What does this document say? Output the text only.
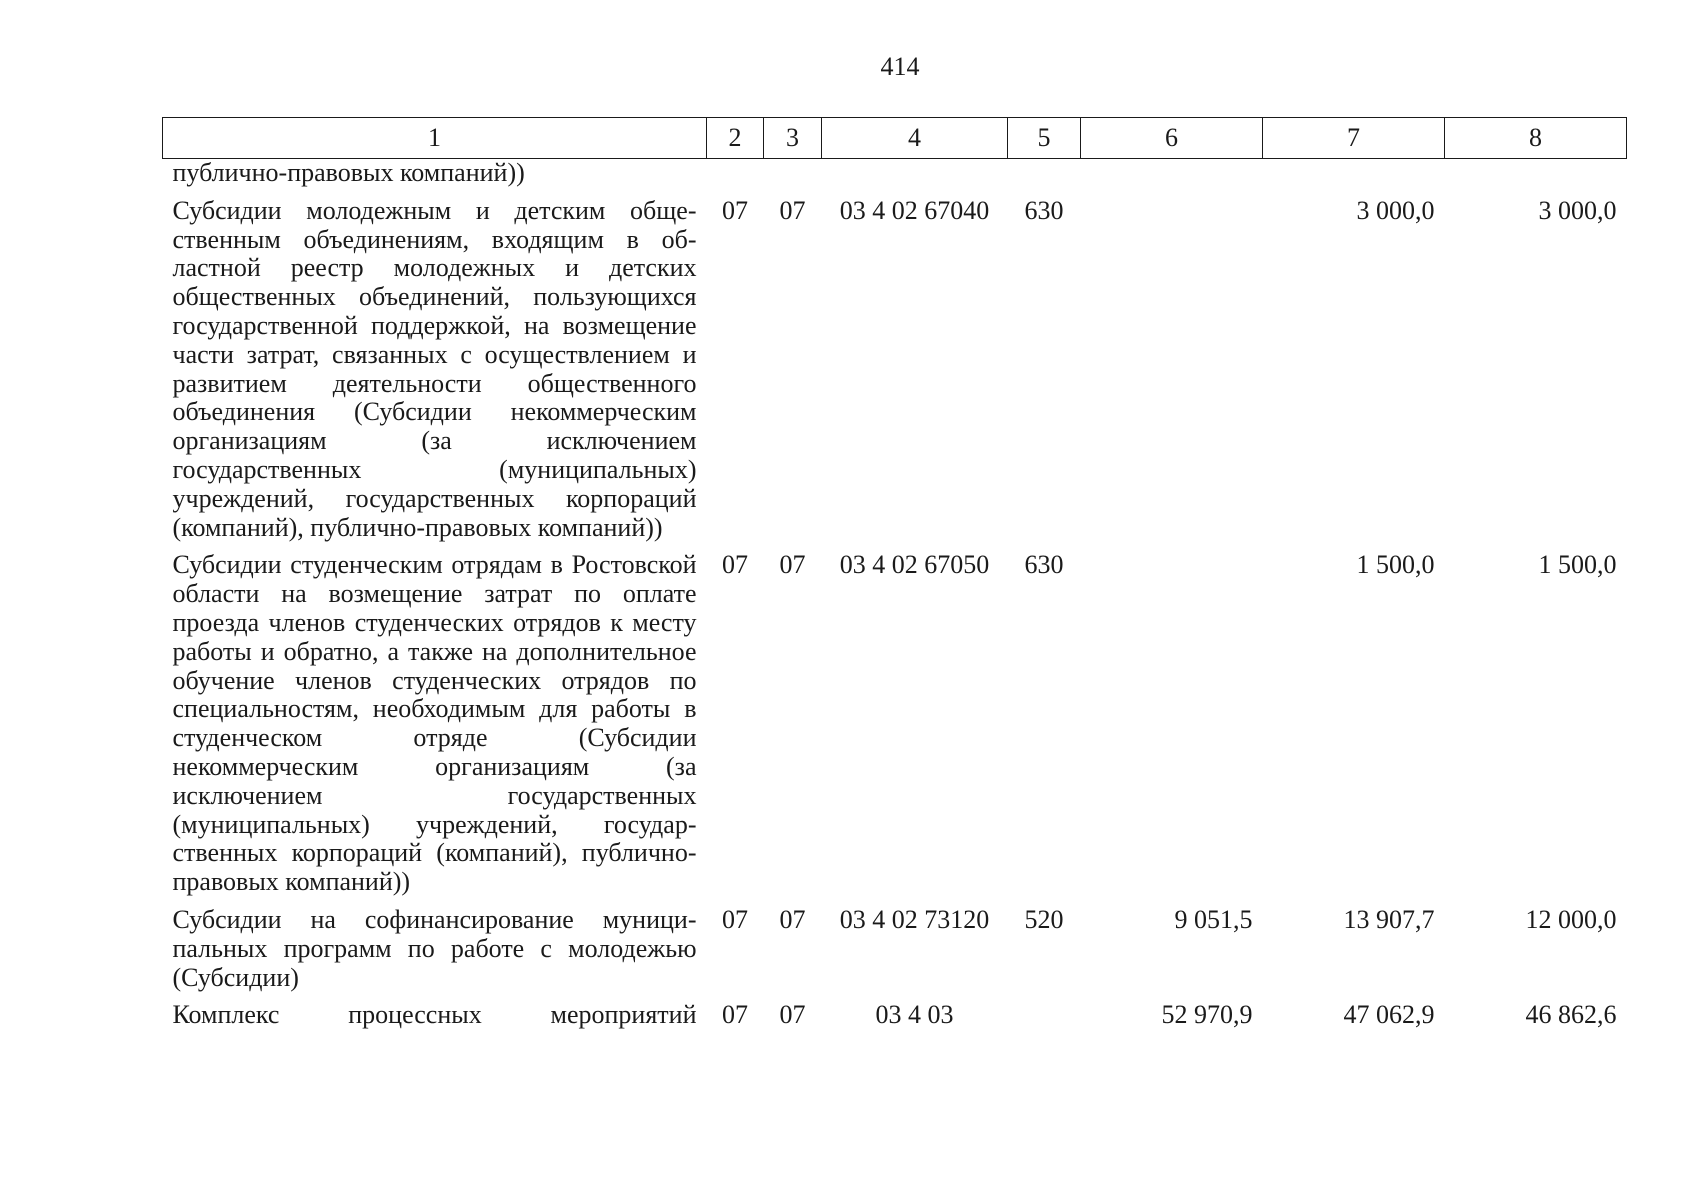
414
1	2	3	4	5	6	7	8
публично-правовых компаний))							
Субсидии молодежным и детским общественным объединениям, входящим в областной реестр молодежных и детских общественных объединений, пользующихся государственной поддержкой, на возмещение части затрат, связанных с осуществлением и развитием деятельности общественного объединения (Субсидии некоммерческим организациям (за исключением государственных (муниципальных) учреждений, государственных корпораций (компаний), публично-правовых компаний))	07	07	03 4 02 67040	630		3 000,0	3 000,0
Субсидии студенческим отрядам в Ростовской области на возмещение затрат по оплате проезда членов студенческих отрядов к месту работы и обратно, а также на дополнительное обучение членов студенческих отрядов по специальностям, необходимым для работы в студенческом отряде (Субсидии некоммерческим организациям (за исключением государственных (муниципальных) учреждений, государственных корпораций (компаний), публично-правовых компаний))	07	07	03 4 02 67050	630		1 500,0	1 500,0
Субсидии на софинансирование муниципальных программ по работе с молодежью (Субсидии)	07	07	03 4 02 73120	520	9 051,5	13 907,7	12 000,0
Комплекс процессных мероприятий	07	07	03 4 03		52 970,9	47 062,9	46 862,6
